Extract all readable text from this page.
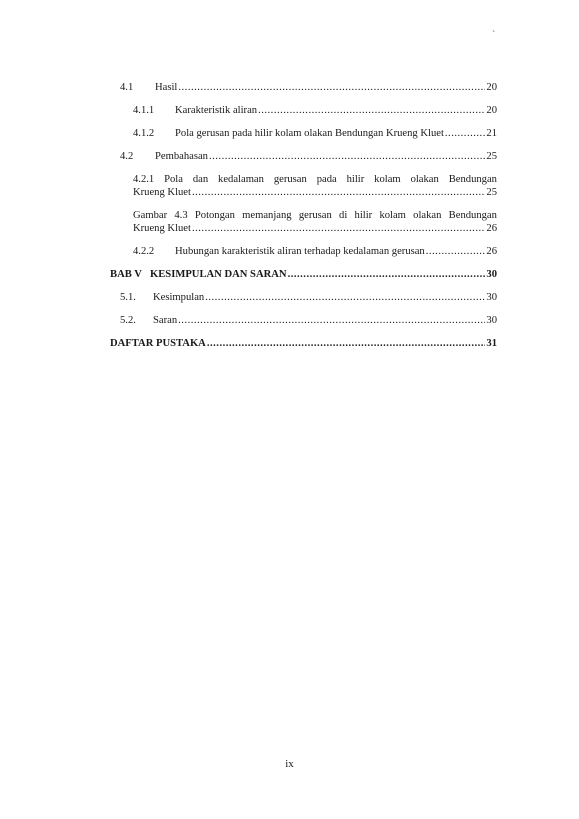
`
4.1	Hasil .....	20
4.1.1	Karakteristik aliran .....	20
4.1.2	Pola gerusan pada hilir kolam olakan Bendungan Krueng Kluet .....	21
4.2	Pembahasan .....	25
4.2.1 Pola dan kedalaman gerusan pada hilir kolam olakan Bendungan
Krueng Kluet .....	25
Gambar 4.3 Potongan memanjang gerusan di hilir kolam olakan Bendungan
Krueng Kluet .....	26
4.2.2	Hubungan karakteristik aliran terhadap kedalaman gerusan .....	26
BAB V KESIMPULAN DAN SARAN .....	30
5.1.	Kesimpulan .....	30
5.2.	Saran .....	30
DAFTAR PUSTAKA .....	31
ix
